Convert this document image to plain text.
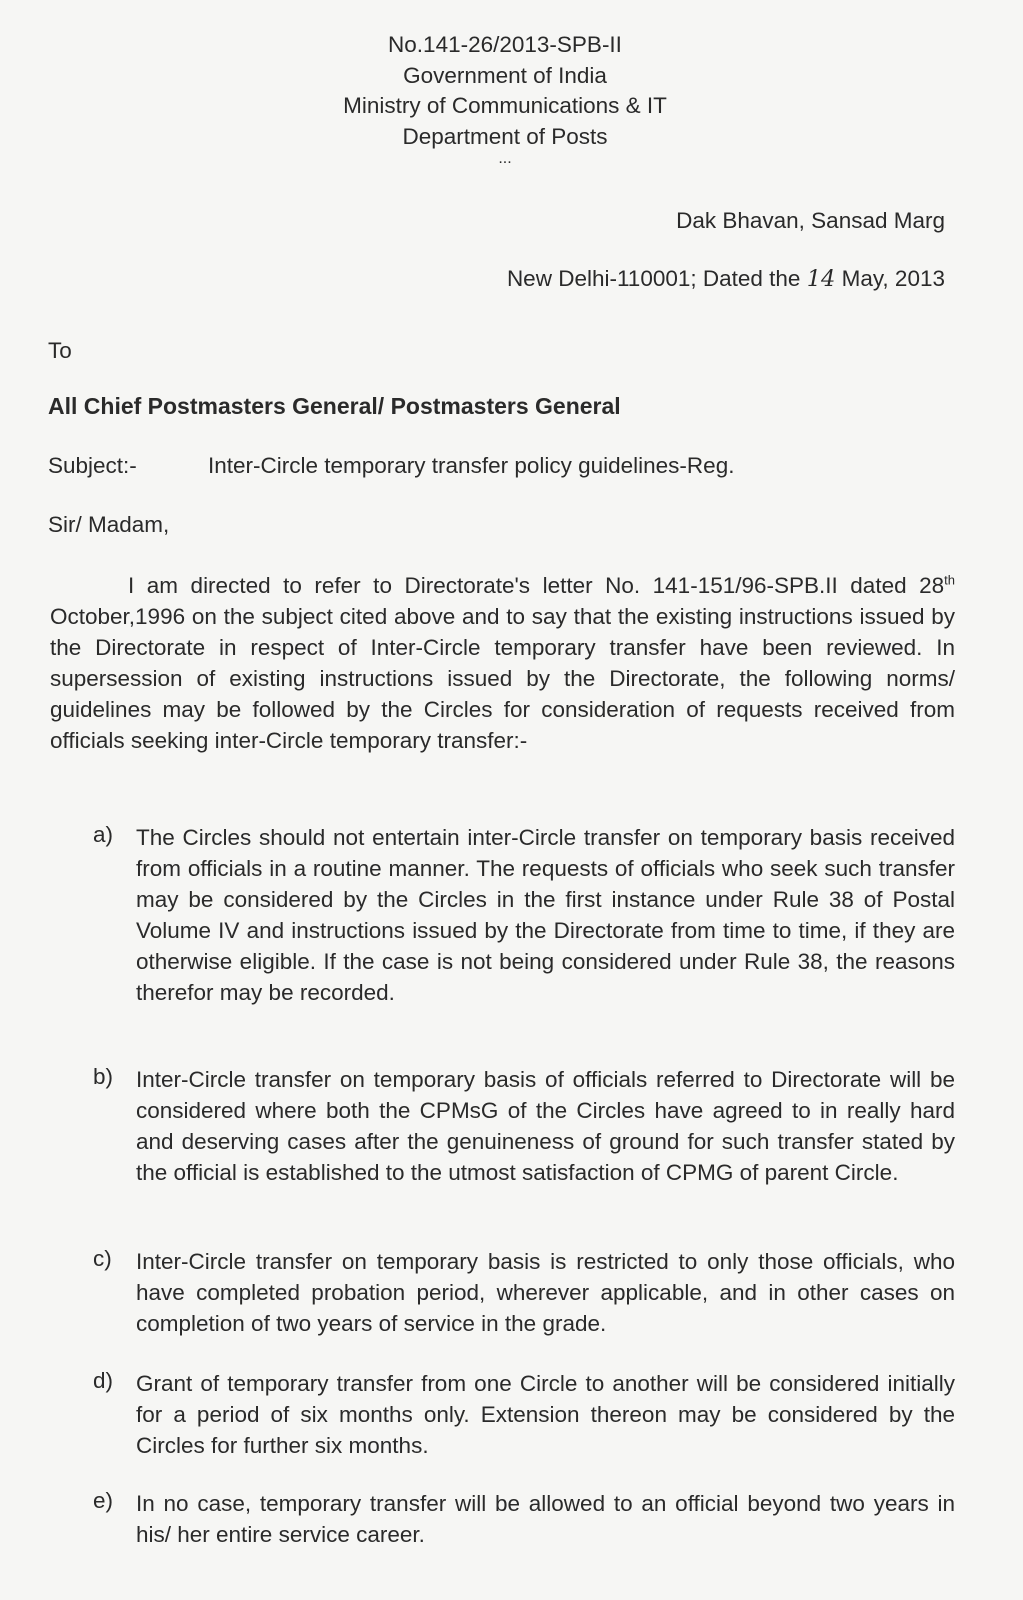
No.141-26/2013-SPB-II
Government of India
Ministry of Communications & IT
Department of Posts
...
Dak Bhavan, Sansad Marg
New Delhi-110001; Dated the 14 May, 2013
To
All Chief Postmasters General/ Postmasters General
Subject:-	Inter-Circle temporary transfer policy guidelines-Reg.
Sir/ Madam,
I am directed to refer to Directorate's letter No. 141-151/96-SPB.II dated 28th October,1996 on the subject cited above and to say that the existing instructions issued by the Directorate in respect of Inter-Circle temporary transfer have been reviewed. In supersession of existing instructions issued by the Directorate, the following norms/ guidelines may be followed by the Circles for consideration of requests received from officials seeking inter-Circle temporary transfer:-
a) The Circles should not entertain inter-Circle transfer on temporary basis received from officials in a routine manner. The requests of officials who seek such transfer may be considered by the Circles in the first instance under Rule 38 of Postal Volume IV and instructions issued by the Directorate from time to time, if they are otherwise eligible. If the case is not being considered under Rule 38, the reasons therefor may be recorded.
b) Inter-Circle transfer on temporary basis of officials referred to Directorate will be considered where both the CPMsG of the Circles have agreed to in really hard and deserving cases after the genuineness of ground for such transfer stated by the official is established to the utmost satisfaction of CPMG of parent Circle.
c) Inter-Circle transfer on temporary basis is restricted to only those officials, who have completed probation period, wherever applicable, and in other cases on completion of two years of service in the grade.
d) Grant of temporary transfer from one Circle to another will be considered initially for a period of six months only. Extension thereon may be considered by the Circles for further six months.
e) In no case, temporary transfer will be allowed to an official beyond two years in his/ her entire service career.
